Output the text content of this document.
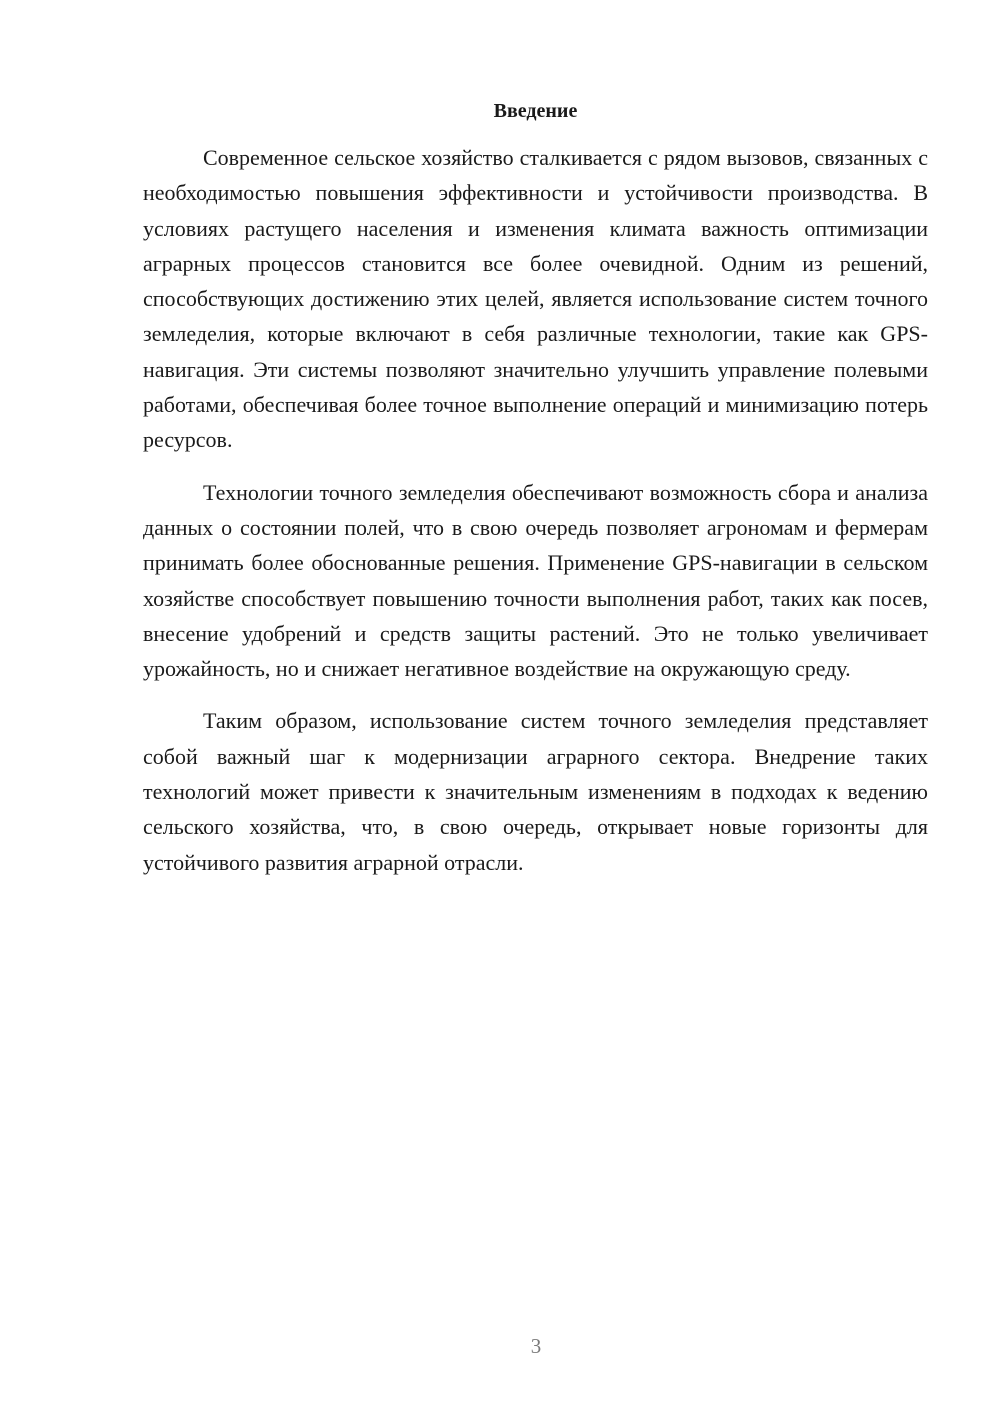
Введение

Современное сельское хозяйство сталкивается с рядом вызовов, связанных с необходимостью повышения эффективности и устойчивости производства. В условиях растущего населения и изменения климата важность оптимизации аграрных процессов становится все более очевидной. Одним из решений, способствующих достижению этих целей, является использование систем точного земледелия, которые включают в себя различные технологии, такие как GPS-навигация. Эти системы позволяют значительно улучшить управление полевыми работами, обеспечивая более точное выполнение операций и минимизацию потерь ресурсов.

Технологии точного земледелия обеспечивают возможность сбора и анализа данных о состоянии полей, что в свою очередь позволяет агрономам и фермерам принимать более обоснованные решения. Применение GPS-навигации в сельском хозяйстве способствует повышению точности выполнения работ, таких как посев, внесение удобрений и средств защиты растений. Это не только увеличивает урожайность, но и снижает негативное воздействие на окружающую среду.

Таким образом, использование систем точного земледелия представляет собой важный шаг к модернизации аграрного сектора. Внедрение таких технологий может привести к значительным изменениям в подходах к ведению сельского хозяйства, что, в свою очередь, открывает новые горизонты для устойчивого развития аграрной отрасли.

3
